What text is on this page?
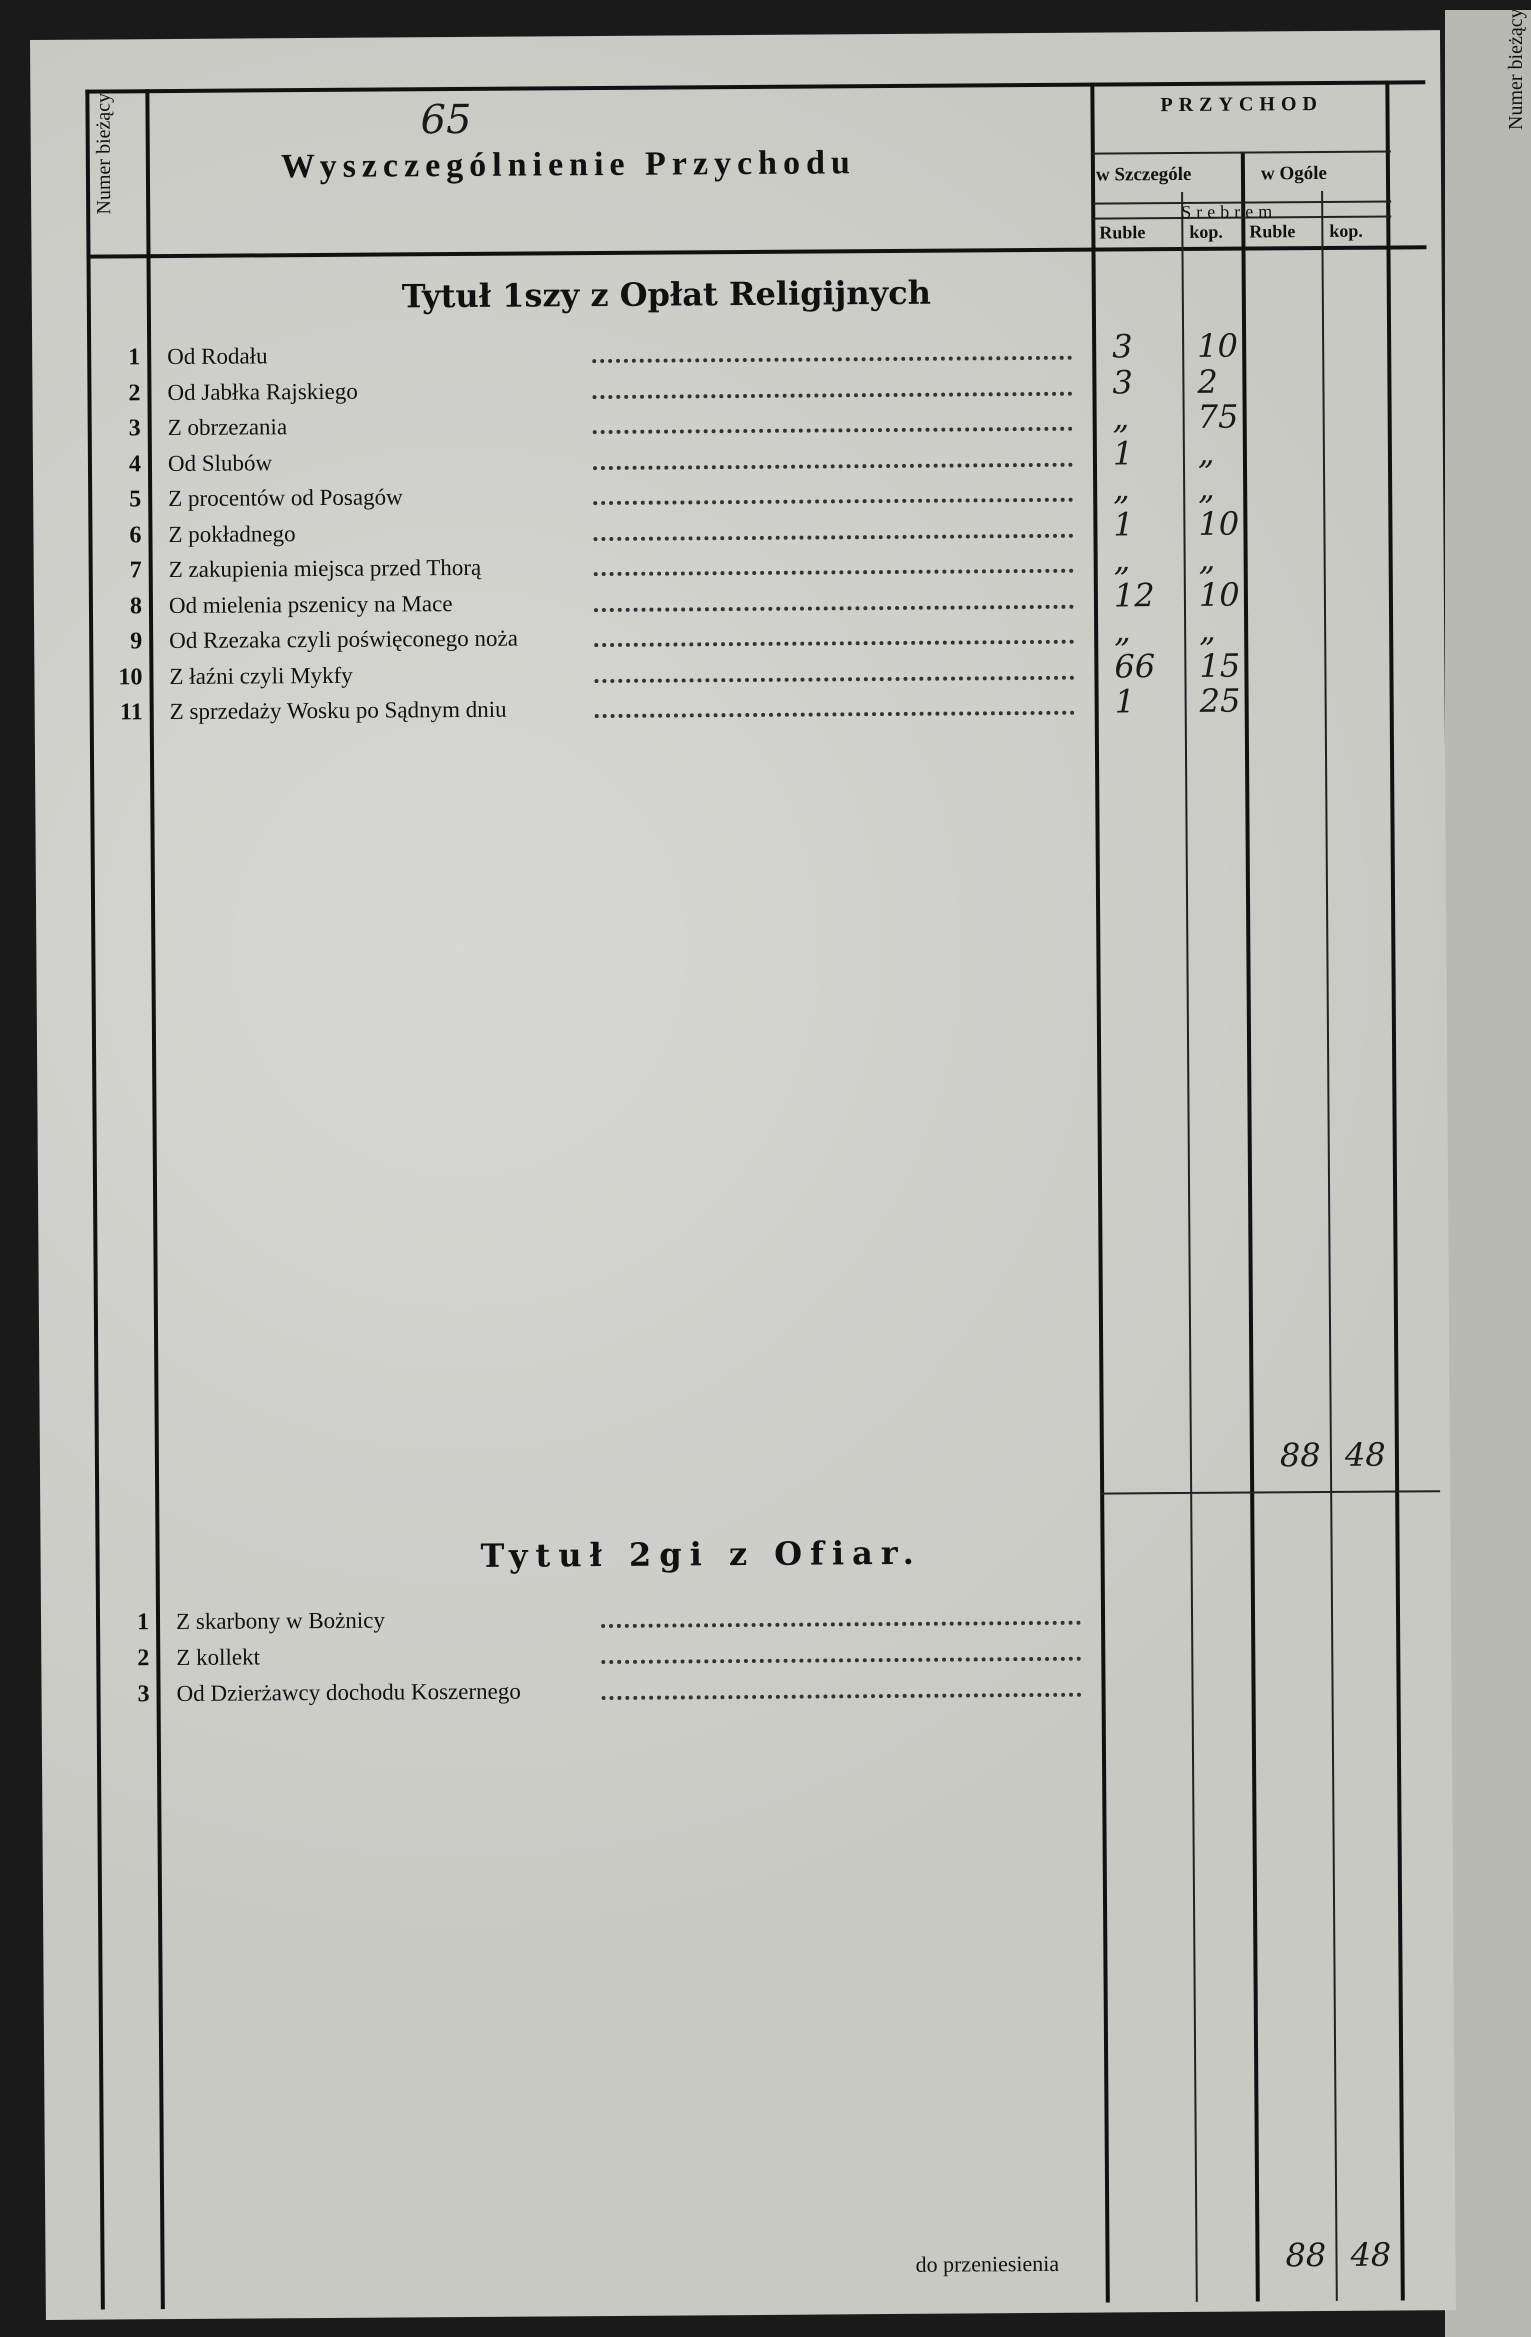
Numer bieżący
Numer bieżący	Wyszczególnienie Przychodu
65	PRZYCHOD
w Szczególe	w Ogóle
Srebrem
Ruble kop. Ruble kop.
Tytuł 1szy z Opłat Religijnych
1 Od Rodału	3 10
2 Od Jabłka Rajskiego	3 2
3 Z obrzezania	„ 75
4 Od Slubów	1 „
5 Z procentów od Posagów	„ „
6 Z pokładnego	1 10
7 Z zakupienia miejsca przed Thorą	„ „
8 Od mielenia pszenicy na Mace	12 10
9 Od Rzezaka czyli poświęconego noża	„ „
10 Z łaźni czyli Mykfy	66 15
11 Z sprzedaży Wosku po Sądnym dniu	1 25
88 48
Tytuł 2gi z Ofiar.
1 Z skarbony w Bożnicy
2 Z kollekt
3 Od Dzierżawcy dochodu Koszernego
do przeniesienia	88 48
